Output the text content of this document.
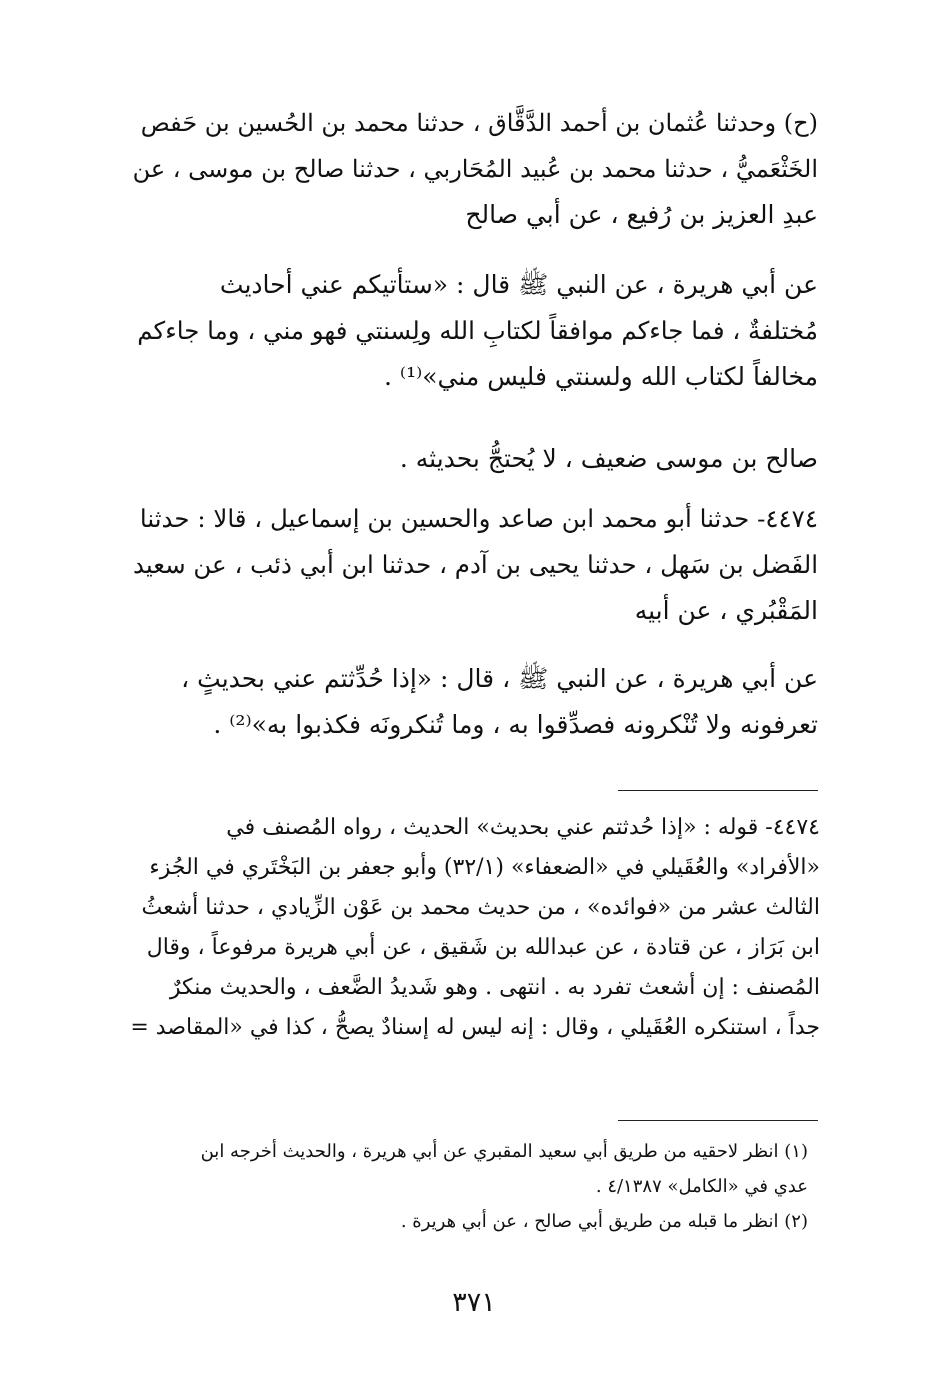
(ح) وحدثنا عُثمان بن أحمد الدَّقَّاق ، حدثنا محمد بن الحُسين بن حَفص
الخَثْعَميُّ ، حدثنا محمد بن عُبيد المُحَاربي ، حدثنا صالح بن موسى ، عن
عبدِ العزيز بن رُفيع ، عن أبي صالح
عن أبي هريرة ، عن النبي ﷺ قال : «ستأتيكم عني أحاديث
مُختلفةٌ ، فما جاءكم موافقاً لكتابِ الله ولِسنتي فهو مني ، وما جاءكم
مخالفاً لكتاب الله ولسنتي فليس مني»⁽¹⁾ .
صالح بن موسى ضعيف ، لا يُحتجُّ بحديثه .
٤٤٧٤- حدثنا أبو محمد ابن صاعد والحسين بن إسماعيل ، قالا : حدثنا
الفَضل بن سَهل ، حدثنا يحيى بن آدم ، حدثنا ابن أبي ذئب ، عن سعيد
المَقْبُري ، عن أبيه
عن أبي هريرة ، عن النبي ﷺ ، قال : «إذا حُدِّثتم عني بحديثٍ ،
تعرفونه ولا تُنْكرونه فصدِّقوا به ، وما تُنكرونَه فكذبوا به»⁽²⁾ .
٤٤٧٤- قوله : «إذا حُدثتم عني بحديث» الحديث ، رواه المُصنف في
«الأفراد» والعُقَيلي في «الضعفاء» (٣٢/١) وأبو جعفر بن البَخْتَري في الجُزء
الثالث عشر من «فوائده» ، من حديث محمد بن عَوْن الزِّيادي ، حدثنا أشعثُ
ابن بَرَاز ، عن قتادة ، عن عبدالله بن شَقيق ، عن أبي هريرة مرفوعاً ، وقال
المُصنف : إن أشعث تفرد به . انتهى . وهو شَديدُ الضَّعف ، والحديث منكرٌ
جداً ، استنكره العُقَيلي ، وقال : إنه ليس له إسنادٌ يصحُّ ، كذا في «المقاصد =
(١) انظر لاحقيه من طريق أبي سعيد المقبري عن أبي هريرة ، والحديث أخرجه ابن
عدي في «الكامل» ٤/١٣٨٧ .
(٢) انظر ما قبله من طريق أبي صالح ، عن أبي هريرة .
٣٧١
